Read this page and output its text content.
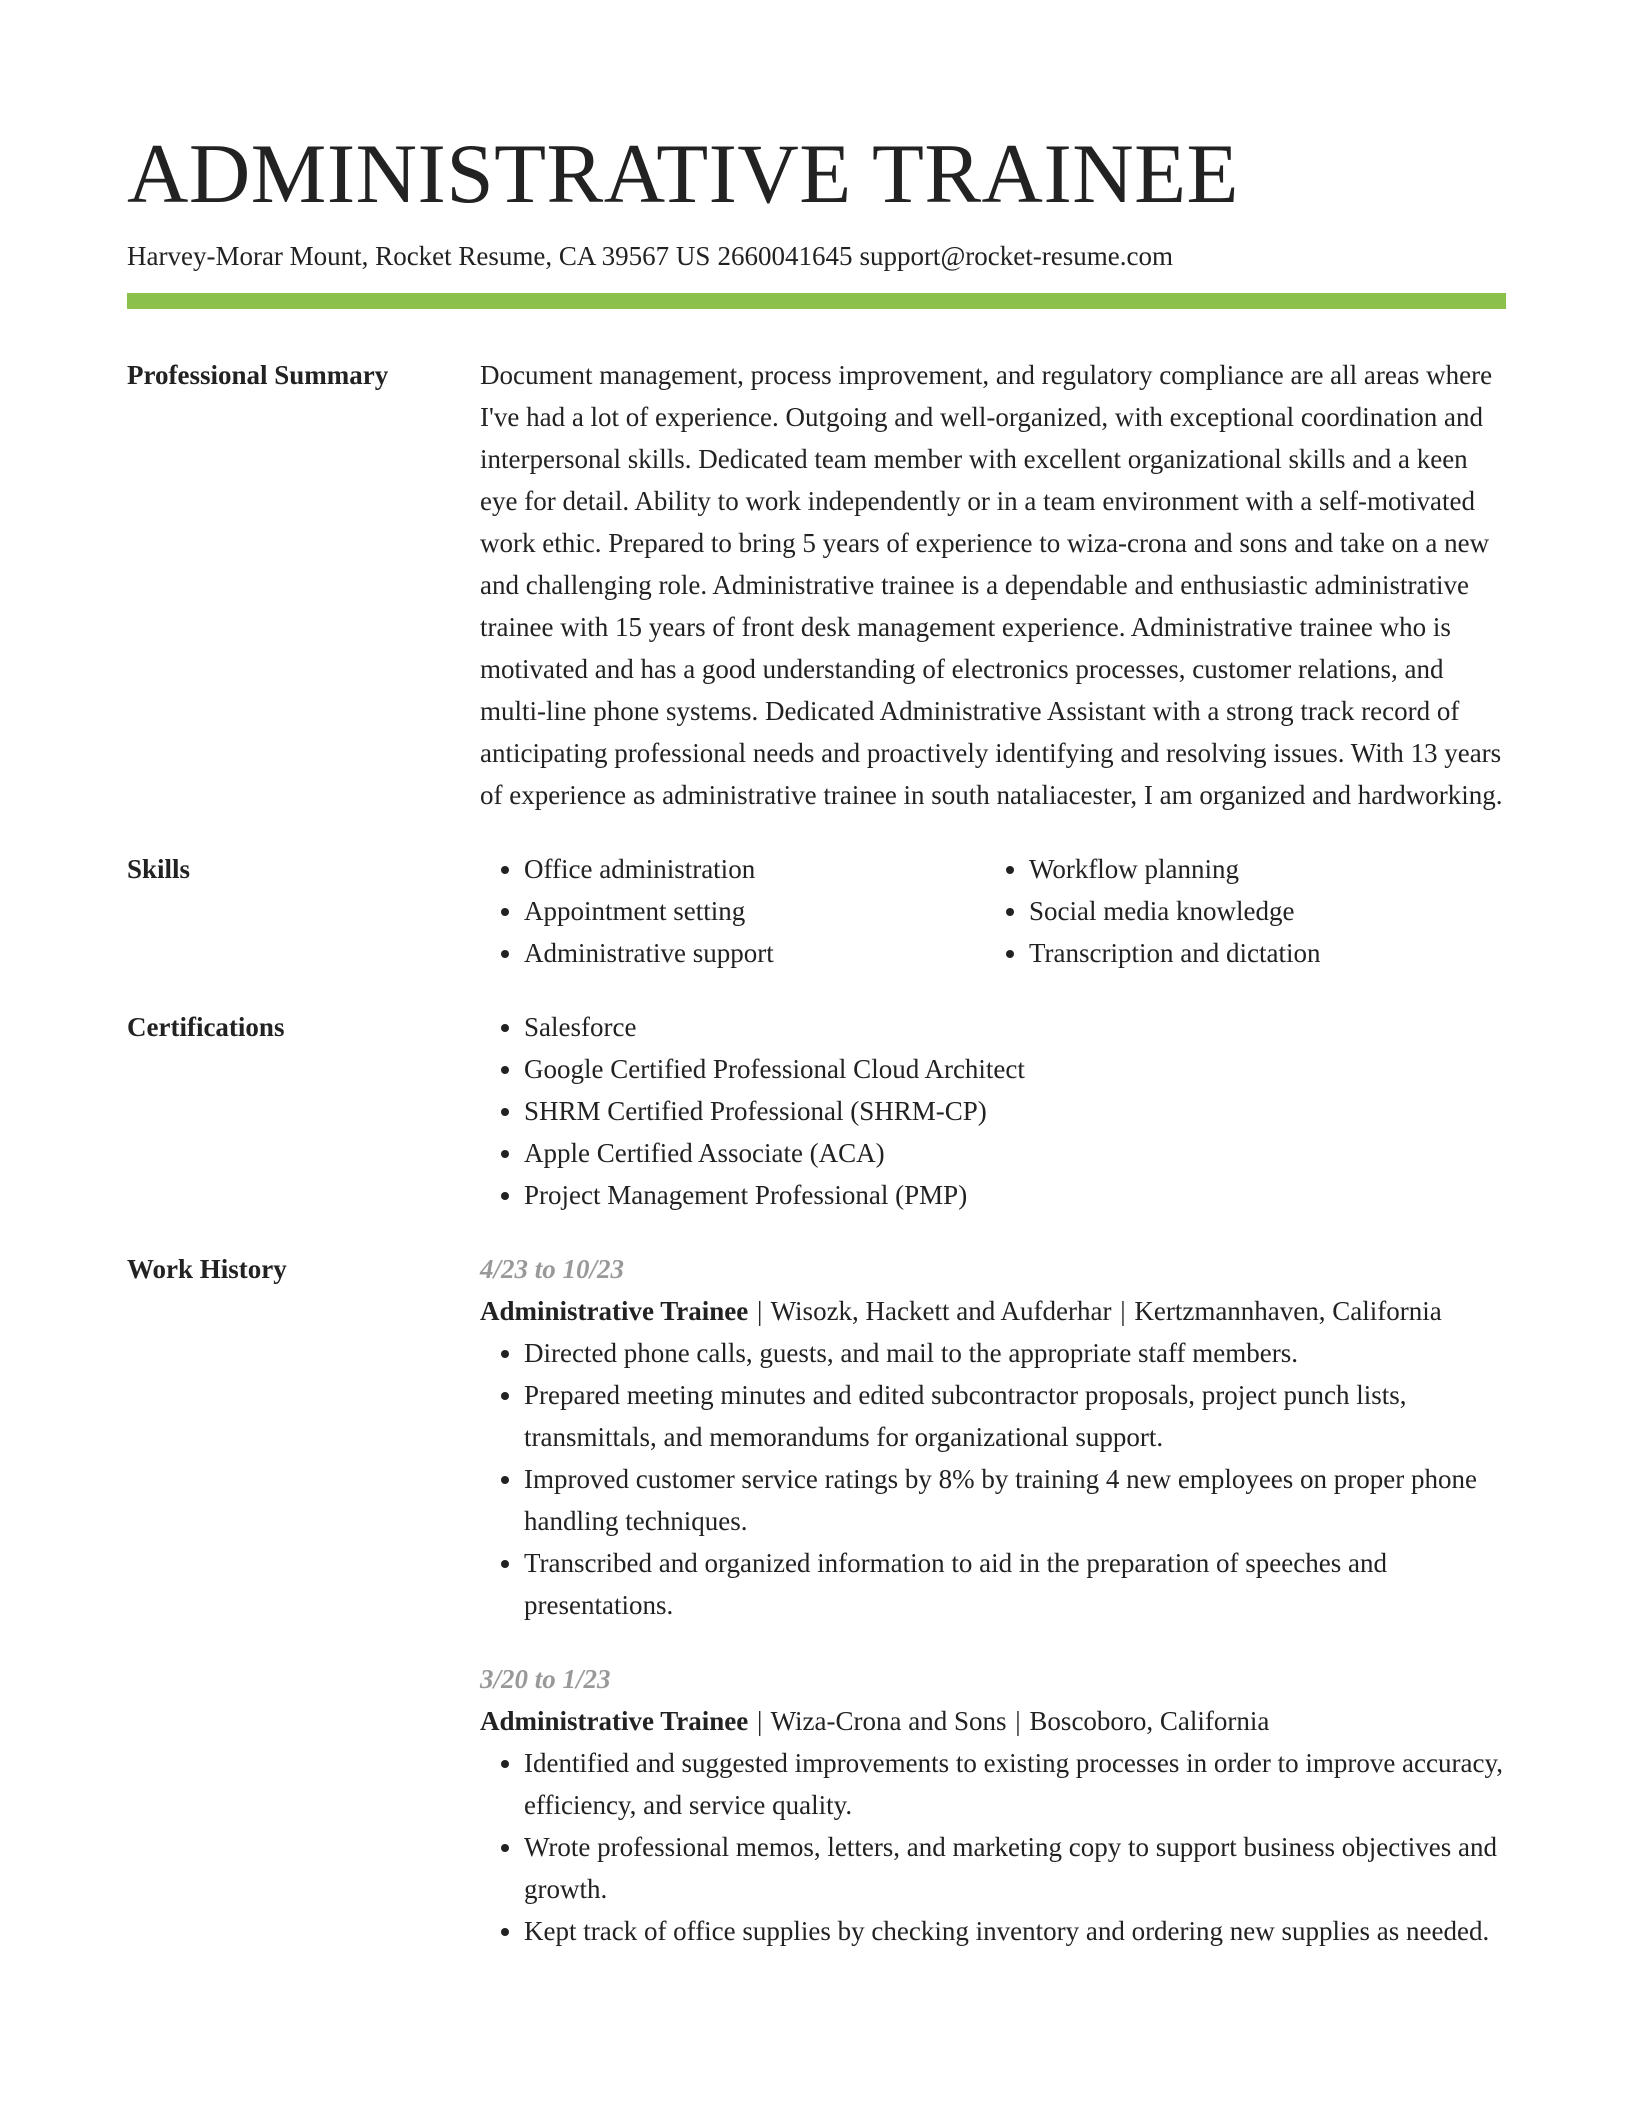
ADMINISTRATIVE TRAINEE
Harvey-Morar Mount, Rocket Resume, CA 39567 US 2660041645 support@rocket-resume.com
Professional Summary	Document management, process improvement, and regulatory compliance are all areas where I've had a lot of experience. Outgoing and well-organized, with exceptional coordination and interpersonal skills. Dedicated team member with excellent organizational skills and a keen eye for detail. Ability to work independently or in a team environment with a self-motivated work ethic. Prepared to bring 5 years of experience to wiza-crona and sons and take on a new and challenging role. Administrative trainee is a dependable and enthusiastic administrative trainee with 15 years of front desk management experience. Administrative trainee who is motivated and has a good understanding of electronics processes, customer relations, and multi-line phone systems. Dedicated Administrative Assistant with a strong track record of anticipating professional needs and proactively identifying and resolving issues. With 13 years of experience as administrative trainee in south nataliacester, I am organized and hardworking.

Skills	• Office administration
• Appointment setting
• Administrative support
• Workflow planning
• Social media knowledge
• Transcription and dictation
Certifications	• Salesforce
• Google Certified Professional Cloud Architect
• SHRM Certified Professional (SHRM-CP)
• Apple Certified Associate (ACA)
• Project Management Professional (PMP)
Work History	4/23 to 10/23
Administrative Trainee | Wisozk, Hackett and Aufderhar | Kertzmannhaven, California
• Directed phone calls, guests, and mail to the appropriate staff members.
• Prepared meeting minutes and edited subcontractor proposals, project punch lists, transmittals, and memorandums for organizational support.
• Improved customer service ratings by 8% by training 4 new employees on proper phone handling techniques.
• Transcribed and organized information to aid in the preparation of speeches and presentations.
3/20 to 1/23
Administrative Trainee | Wiza-Crona and Sons | Boscoboro, California
• Identified and suggested improvements to existing processes in order to improve accuracy, efficiency, and service quality.
• Wrote professional memos, letters, and marketing copy to support business objectives and growth.
• Kept track of office supplies by checking inventory and ordering new supplies as needed.
